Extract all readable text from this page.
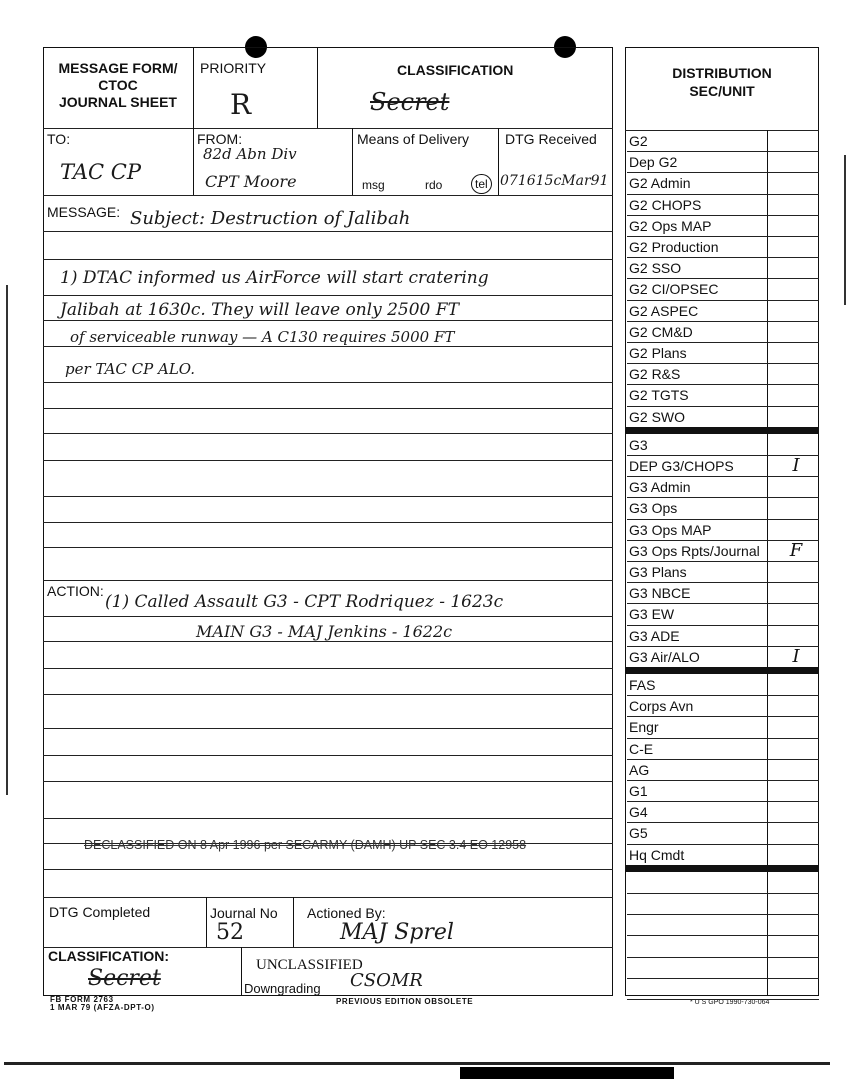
MESSAGE FORM/
CTOC
JOURNAL SHEET
PRIORITY
R
CLASSIFICATION
Secret
TO:
TAC CP
FROM:
82d Abn Div
CPT Moore
Means of Delivery
msg	rdo	tel
DTG Received
071615cMar91
MESSAGE: Subject: Destruction of Jalibah
1) DTAC informed us AirForce will start cratering
Jalibah at 1630c. They will leave only 2500 FT
of serviceable runway — A C130 requires 5000 FT
per TAC CP ALO.
ACTION:
(1) Called Assault G3 - CPT Rodriquez - 1623c
MAIN G3 - MAJ Jenkins - 1622c
DECLASSIFIED ON 8 Apr 1996 per SECARMY (DAMH) UP SEC 3.4 EO 12958
DTG Completed	Journal No
52
Actioned By:
MAJ Sprel
CLASSIFICATION:
Secret
UNCLASSIFIED
Downgrading CSOMR
FB FORM 2763
1 MAR 79 (AFZA-DPT-O)
PREVIOUS EDITION OBSOLETE	* U S GPO 1990-730-064
DISTRIBUTION
SEC/UNIT
G2
Dep G2
G2 Admin
G2 CHOPS
G2 Ops MAP
G2 Production
G2 SSO
G2 CI/OPSEC
G2 ASPEC
G2 CM&D
G2 Plans
G2 R&S
G2 TGTS
G2 SWO
G3
DEP G3/CHOPS	I
G3 Admin
G3 Ops
G3 Ops MAP
G3 Ops Rpts/Journal	F
G3 Plans
G3 NBCE
G3 EW
G3 ADE
G3 Air/ALO	I
FAS
Corps Avn
Engr
C-E
AG
G1
G4
G5
Hq Cmdt
